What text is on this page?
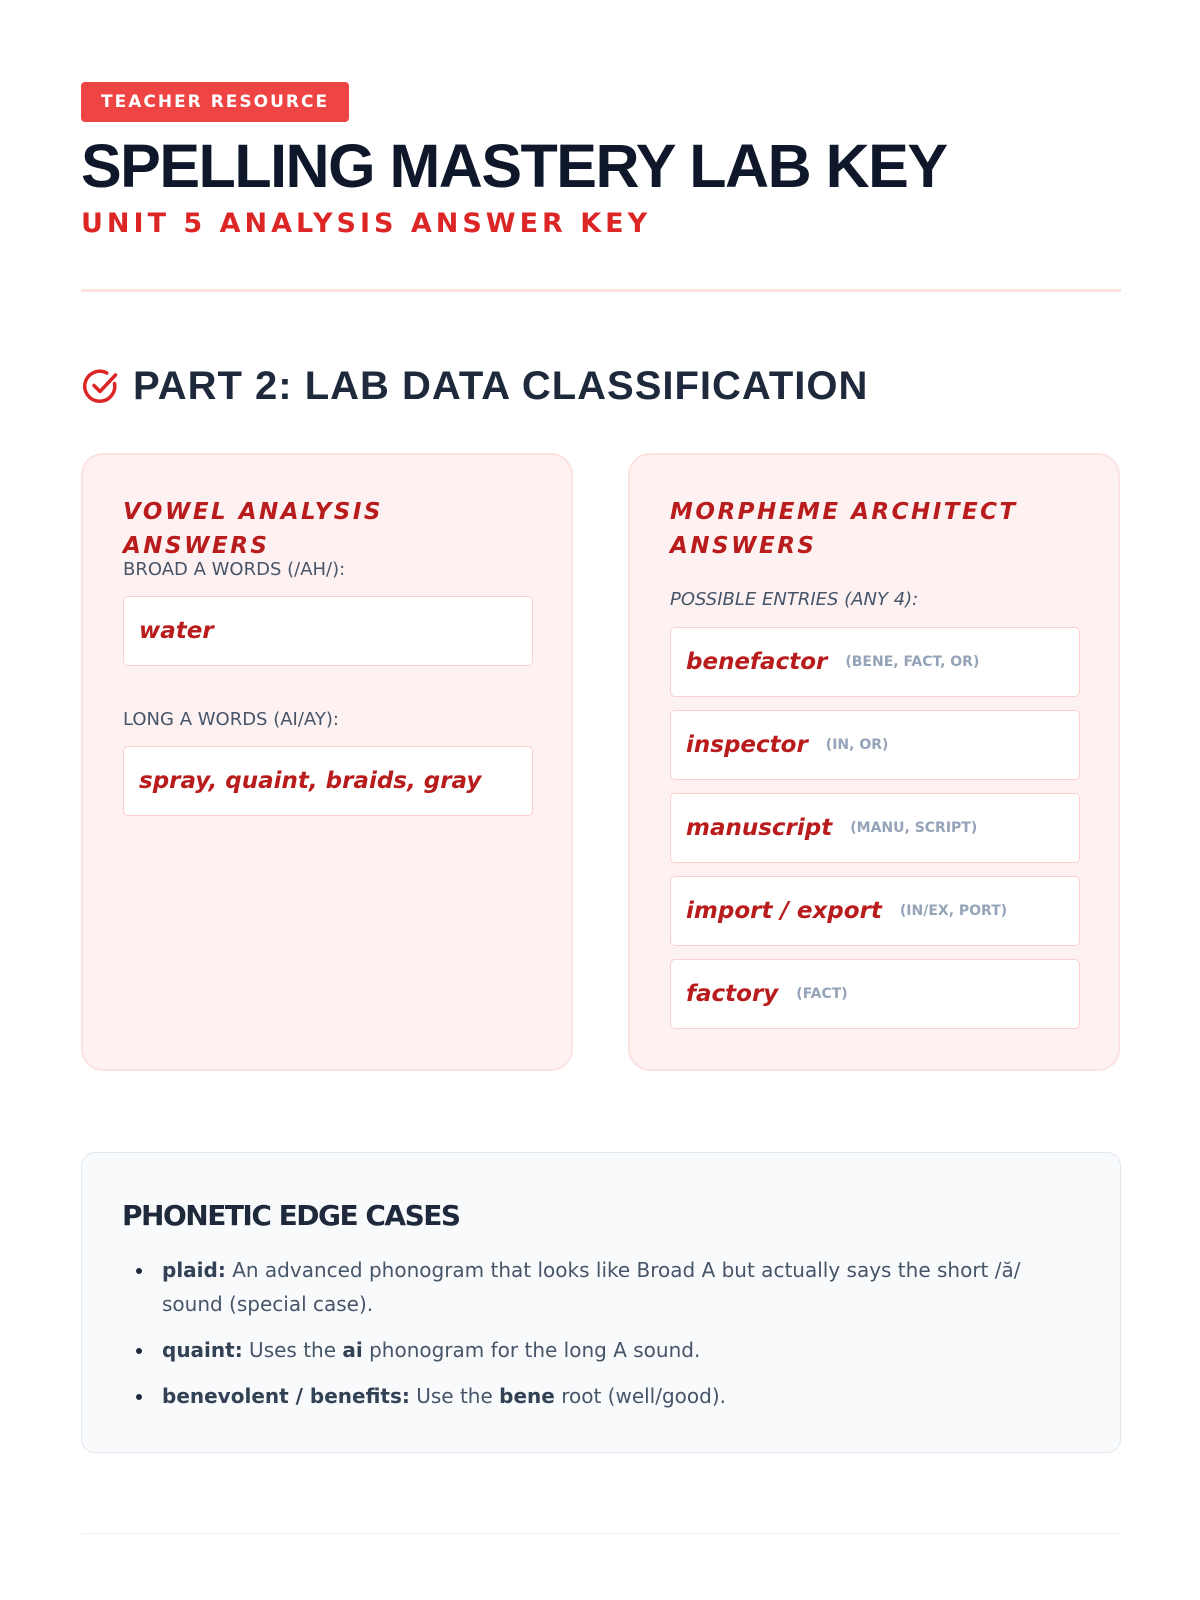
TEACHER RESOURCE
SPELLING MASTERY LAB KEY
UNIT 5 ANALYSIS ANSWER KEY
PART 2: LAB DATA CLASSIFICATION
VOWEL ANALYSIS ANSWERS
BROAD A WORDS (/AH/):
water
LONG A WORDS (AI/AY):
spray, quaint, braids, gray
MORPHEME ARCHITECT ANSWERS
POSSIBLE ENTRIES (ANY 4):
benefactor (BENE, FACT, OR)
inspector (IN, OR)
manuscript (MANU, SCRIPT)
import / export (IN/EX, PORT)
factory (FACT)
PHONETIC EDGE CASES
plaid: An advanced phonogram that looks like Broad A but actually says the short /ă/ sound (special case).
quaint: Uses the ai phonogram for the long A sound.
benevolent / benefits: Use the bene root (well/good).
